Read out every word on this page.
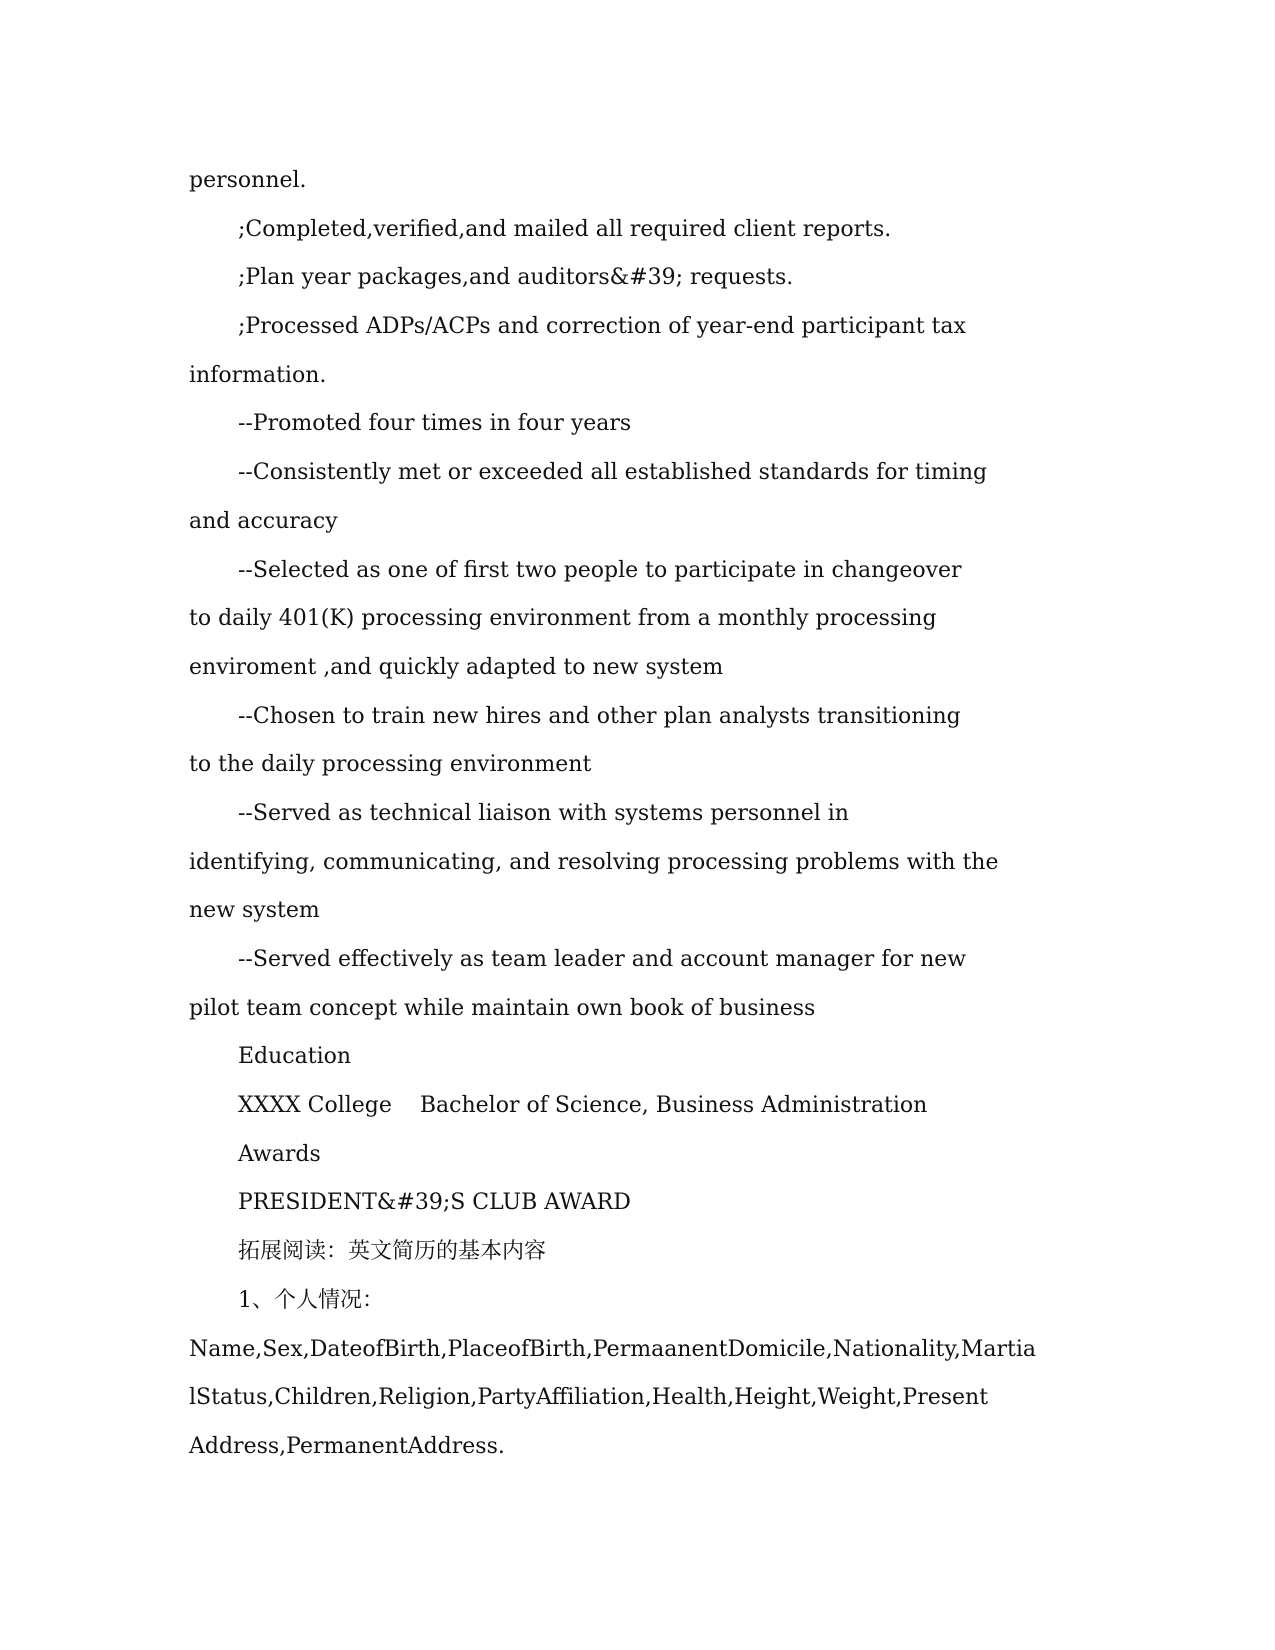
personnel.
;Completed,verified,and mailed all required client reports.
;Plan year packages,and auditors&#39; requests.
;Processed ADPs/ACPs and correction of year-end participant tax
information.
--Promoted four times in four years
--Consistently met or exceeded all established standards for timing
and accuracy
--Selected as one of first two people to participate in changeover
to daily 401(K) processing environment from a monthly processing
enviroment ,and quickly adapted to new system
--Chosen to train new hires and other plan analysts transitioning
to the daily processing environment
--Served as technical liaison with systems personnel in
identifying, communicating, and resolving processing problems with the
new system
--Served effectively as team leader and account manager for new
pilot team concept while maintain own book of business
Education
XXXX College    Bachelor of Science, Business Administration
Awards
PRESIDENT&#39;S CLUB AWARD
拓展阅读：英文简历的基本内容
1、个人情况：
Name,Sex,DateofBirth,PlaceofBirth,PermaanentDomicile,Nationality,Martia
lStatus,Children,Religion,PartyAffiliation,Health,Height,Weight,Present
Address,PermanentAddress.
